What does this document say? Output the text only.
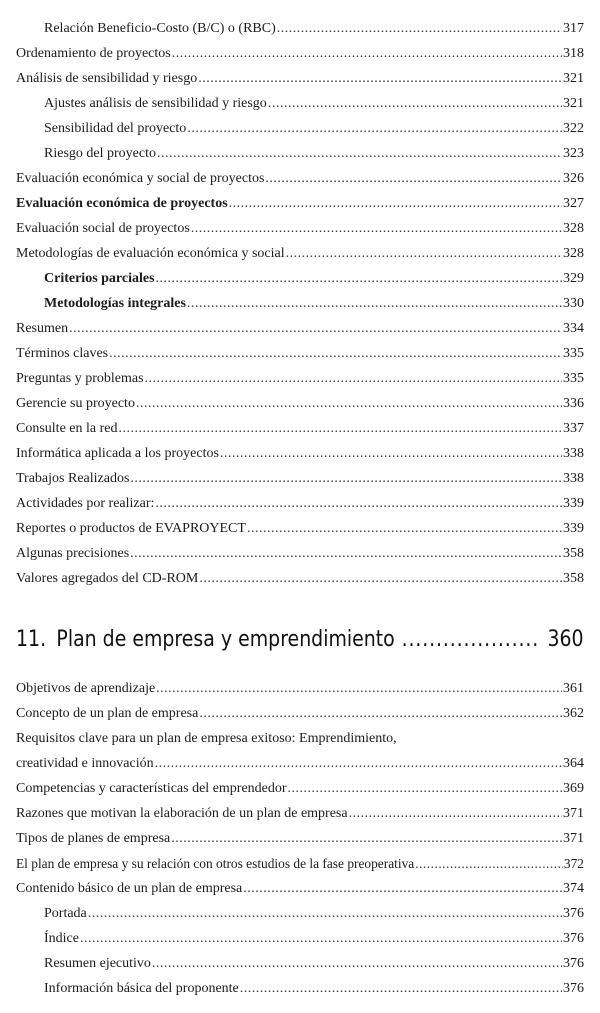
Relación Beneficio-Costo (B/C) o (RBC) .....	317
Ordenamiento de proyectos .....	318
Análisis de sensibilidad y riesgo .....	321
Ajustes análisis de sensibilidad y riesgo .....	321
Sensibilidad del proyecto .....	322
Riesgo del proyecto .....	323
Evaluación económica y social de proyectos .....	326
Evaluación económica de proyectos .....	327
Evaluación social de proyectos .....	328
Metodologías de evaluación económica y social .....	328
Criterios parciales .....	329
Metodologías integrales .....	330
Resumen .....	334
Términos claves .....	335
Preguntas y problemas .....	335
Gerencie su proyecto .....	336
Consulte en la red .....	337
Informática aplicada a los proyectos .....	338
Trabajos Realizados .....	338
Actividades por realizar: .....	339
Reportes o productos de EVAPROYECT .....	339
Algunas precisiones .....	358
Valores agregados del CD-ROM .....	358
11. Plan de empresa y emprendimiento .....	360
Objetivos de aprendizaje .....	361
Concepto de un plan de empresa .....	362
Requisitos clave para un plan de empresa exitoso: Emprendimiento,
creatividad e innovación .....	364
Competencias y características del emprendedor .....	369
Razones que motivan la elaboración de un plan de empresa .....	371
Tipos de planes de empresa .....	371
El plan de empresa y su relación con otros estudios de la fase preoperativa .....	372
Contenido básico de un plan de empresa .....	374
Portada .....	376
Índice .....	376
Resumen ejecutivo .....	376
Información básica del proponente .....	376
